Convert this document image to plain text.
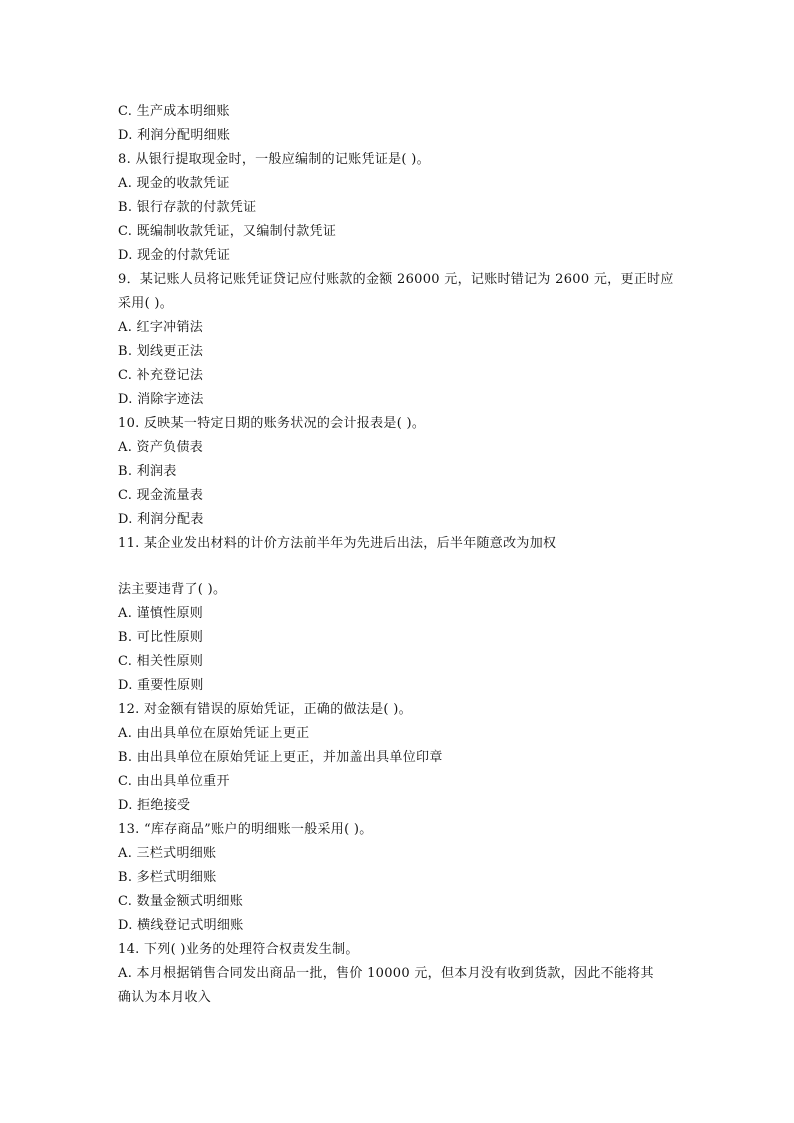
C. 生产成本明细账
D. 利润分配明细账
8. 从银行提取现金时，一般应编制的记账凭证是( )。
A. 现金的收款凭证
B. 银行存款的付款凭证
C. 既编制收款凭证，又编制付款凭证
D. 现金的付款凭证
9．某记账人员将记账凭证贷记应付账款的金额 26000 元，记账时错记为 2600 元，更正时应
采用( )。
A. 红字冲销法
B. 划线更正法
C. 补充登记法
D. 消除字迹法
10. 反映某一特定日期的账务状况的会计报表是( )。
A. 资产负债表
B. 利润表
C. 现金流量表
D. 利润分配表
11. 某企业发出材料的计价方法前半年为先进后出法，后半年随意改为加权
法主要违背了( )。
A. 谨慎性原则
B. 可比性原则
C. 相关性原则
D. 重要性原则
12. 对金额有错误的原始凭证，正确的做法是( )。
A. 由出具单位在原始凭证上更正
B. 由出具单位在原始凭证上更正，并加盖出具单位印章
C. 由出具单位重开
D. 拒绝接受
13. “库存商品”账户的明细账一般采用( )。
A. 三栏式明细账
B. 多栏式明细账
C. 数量金额式明细账
D. 横线登记式明细账
14. 下列( )业务的处理符合权责发生制。
A. 本月根据销售合同发出商品一批，售价 10000 元，但本月没有收到货款，因此不能将其
确认为本月收入
